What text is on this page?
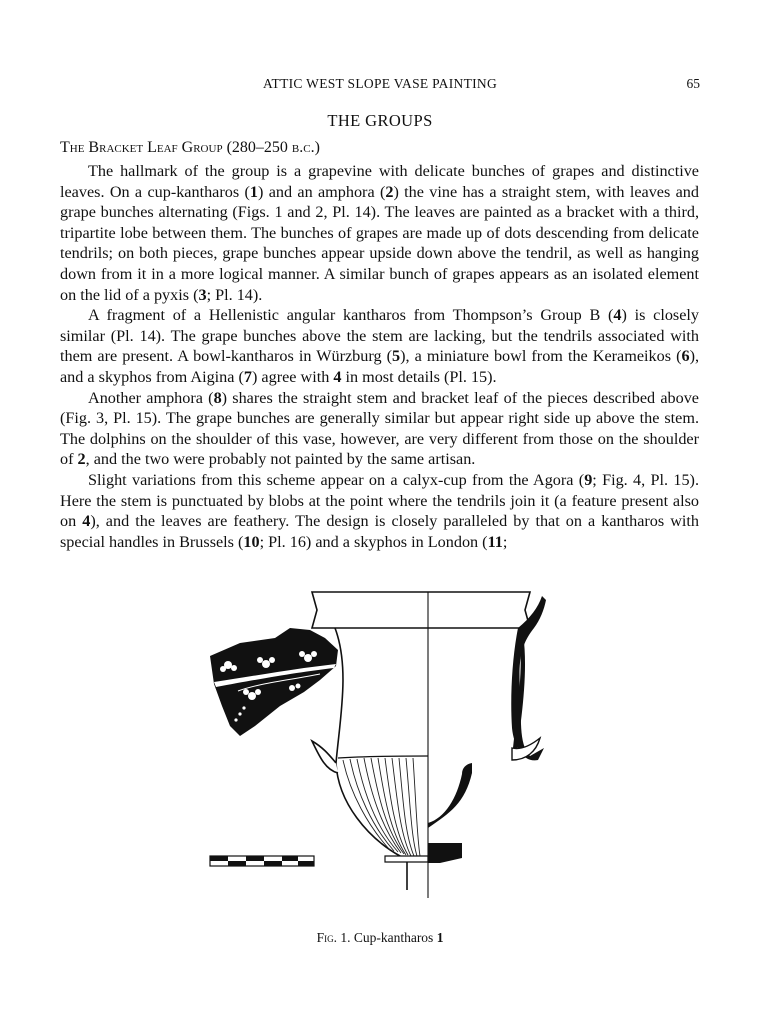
ATTIC WEST SLOPE VASE PAINTING	65
THE GROUPS
The Bracket Leaf Group (280–250 b.c.)

The hallmark of the group is a grapevine with delicate bunches of grapes and distinctive leaves. On a cup-kantharos (1) and an amphora (2) the vine has a straight stem, with leaves and grape bunches alternating (Figs. 1 and 2, Pl. 14). The leaves are painted as a bracket with a third, tripartite lobe between them. The bunches of grapes are made up of dots descending from delicate tendrils; on both pieces, grape bunches appear upside down above the tendril, as well as hanging down from it in a more logical manner. A similar bunch of grapes appears as an isolated element on the lid of a pyxis (3; Pl. 14).

A fragment of a Hellenistic angular kantharos from Thompson’s Group B (4) is closely similar (Pl. 14). The grape bunches above the stem are lacking, but the tendrils associated with them are present. A bowl-kantharos in Würzburg (5), a miniature bowl from the Kerameikos (6), and a skyphos from Aigina (7) agree with 4 in most details (Pl. 15).

Another amphora (8) shares the straight stem and bracket leaf of the pieces described above (Fig. 3, Pl. 15). The grape bunches are generally similar but appear right side up above the stem. The dolphins on the shoulder of this vase, however, are very different from those on the shoulder of 2, and the two were probably not painted by the same artisan.

Slight variations from this scheme appear on a calyx-cup from the Agora (9; Fig. 4, Pl. 15). Here the stem is punctuated by blobs at the point where the tendrils join it (a feature present also on 4), and the leaves are feathery. The design is closely paralleled by that on a kantharos with special handles in Brussels (10; Pl. 16) and a skyphos in London (11;

Fig. 1. Cup-kantharos 1
